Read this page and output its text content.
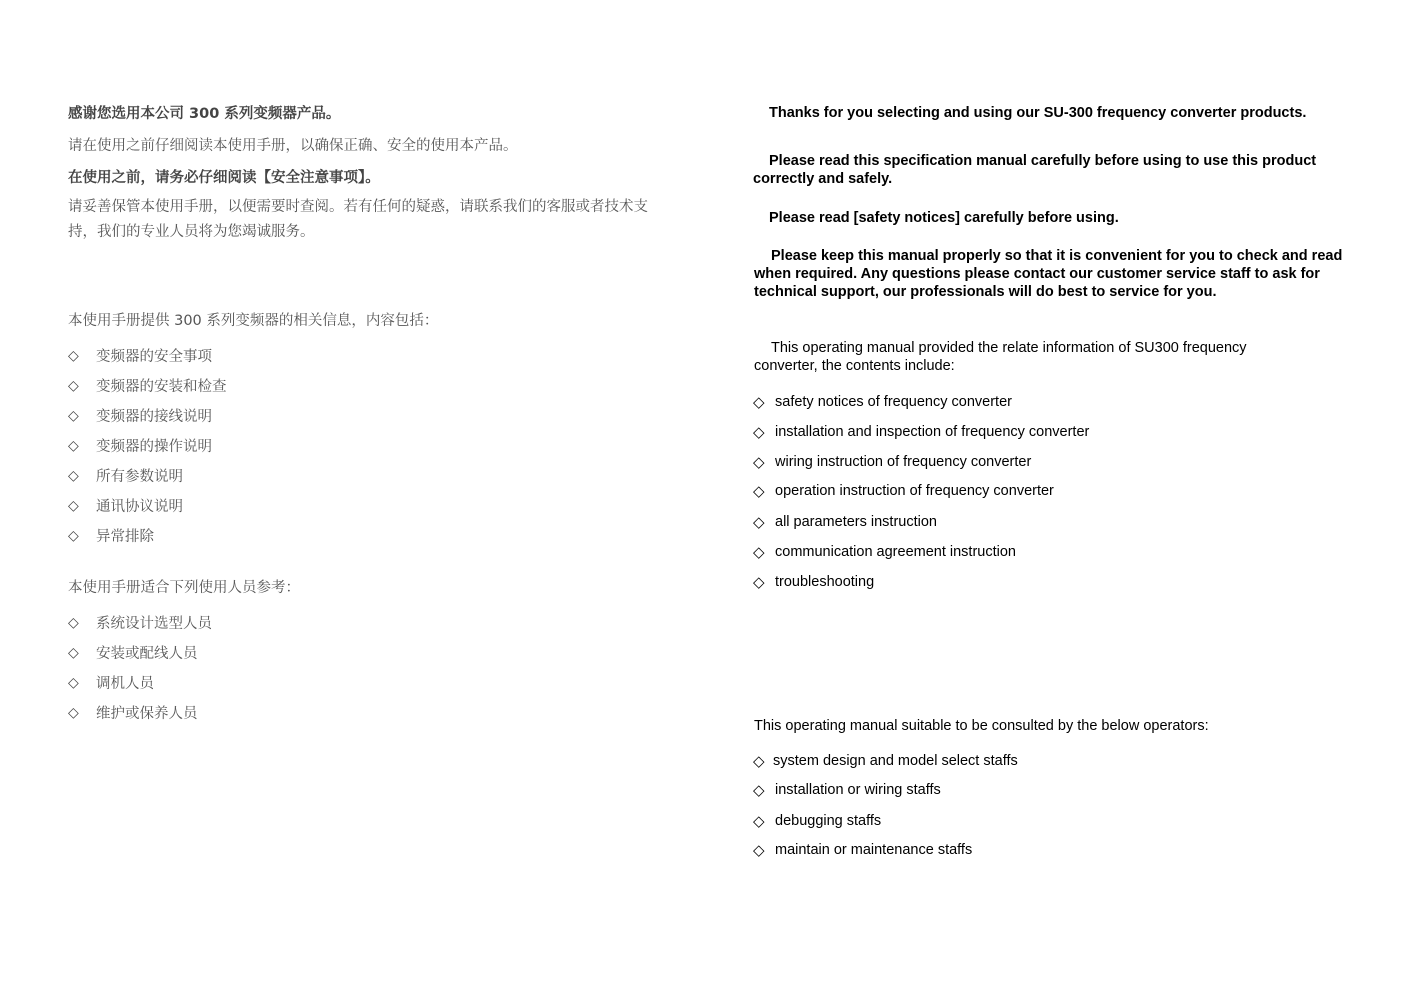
感谢您选用本公司 300 系列变频器产品。
请在使用之前仔细阅读本使用手册，以确保正确、安全的使用本产品。
在使用之前，请务必仔细阅读【安全注意事项】。
请妥善保管本使用手册，以便需要时查阅。若有任何的疑惑，请联系我们的客服或者技术支持，我们的专业人员将为您竭诚服务。
本使用手册提供 300 系列变频器的相关信息，内容包括：
◇ 变频器的安全事项
◇ 变频器的安装和检查
◇ 变频器的接线说明
◇ 变频器的操作说明
◇ 所有参数说明
◇ 通讯协议说明
◇ 异常排除
本使用手册适合下列使用人员参考：
◇ 系统设计选型人员
◇ 安装或配线人员
◇ 调机人员
◇ 维护或保养人员
Thanks for you selecting and using our SU-300 frequency converter products.
Please read this specification manual carefully before using to use this product correctly and safely.
Please read [safety notices] carefully before using.
Please keep this manual properly so that it is convenient for you to check and read when required. Any questions please contact our customer service staff to ask for technical support, our professionals will do best to service for you.
This operating manual provided the relate information of SU300 frequency converter, the contents include:
◇ safety notices of frequency converter
◇ installation and inspection of frequency converter
◇ wiring instruction of frequency converter
◇ operation instruction of frequency converter
◇ all parameters instruction
◇ communication agreement instruction
◇ troubleshooting
This operating manual suitable to be consulted by the below operators:
◇ system design and model select staffs
◇ installation or wiring staffs
◇ debugging staffs
◇ maintain or maintenance staffs
